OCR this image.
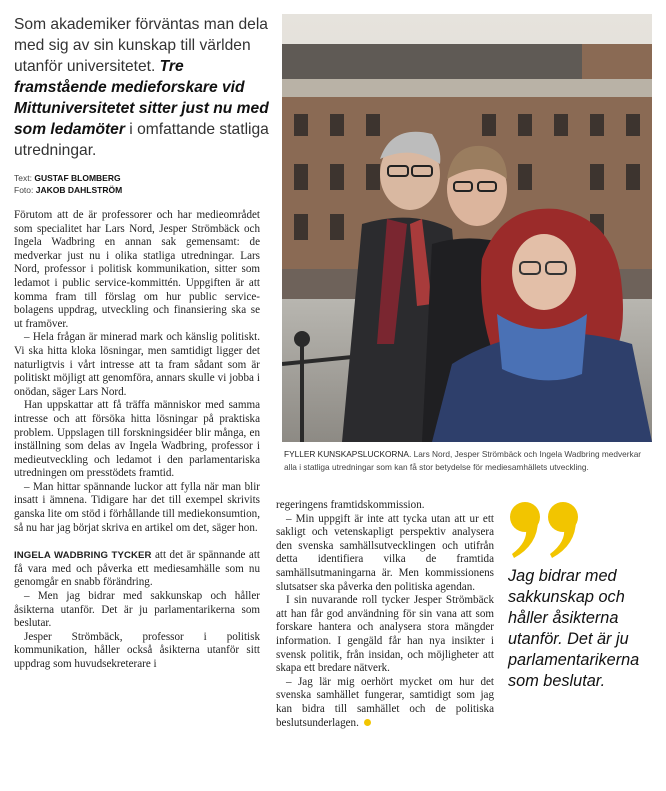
Som akademiker förväntas man dela med sig av sin kunskap till världen utanför universitetet. Tre framstående medieforskare vid Mittuniversitetet sitter just nu med som ledamöter i omfattande statliga utredningar.
Text: GUSTAF BLOMBERG
Foto: JAKOB DAHLSTRÖM

Förutom att de är professorer och har medieområdet som specialitet har Lars Nord, Jesper Strömbäck och Ingela Wadbring en annan sak gemensamt: de medverkar just nu i olika statliga utredningar. Lars Nord, professor i politisk kommunikation, sitter som ledamot i public service-kommittén. Uppgiften är att komma fram till förslag om hur public service-bolagens uppdrag, utveckling och finansiering ska se ut framöver.

– Hela frågan är minerad mark och känslig politiskt. Vi ska hitta kloka lösningar, men samtidigt ligger det naturligtvis i vårt intresse att ta fram sådant som är politiskt möjligt att genomföra, annars skulle vi jobba i onödan, säger Lars Nord.

Han uppskattar att få träffa människor med samma intresse och att försöka hitta lösningar på praktiska problem. Uppslagen till forskningsidéer blir många, en inställning som delas av Ingela Wadbring, professor i medieutveckling och ledamot i den parlamentariska utredningen om presstödets framtid.

– Man hittar spännande luckor att fylla när man blir insatt i ämnena. Tidigare har det till exempel skrivits ganska lite om stöd i förhållande till mediekonsumtion, så nu har jag börjat skriva en artikel om det, säger hon.

INGELA WADBRING TYCKER att det är spännande att få vara med och påverka ett mediesamhälle som nu genomgår en snabb förändring.

– Men jag bidrar med sakkunskap och håller åsikterna utanför. Det är ju parlamentarikerna som beslutar.

Jesper Strömbäck, professor i politisk kommunikation, håller också åsikterna utanför sitt uppdrag som huvudsekreterare i

FYLLER KUNSKAPSLUCKORNA. Lars Nord, Jesper Strömbäck och Ingela Wadbring medverkar alla i statliga utredningar som kan få stor betydelse för mediesamhällets utveckling.

regeringens framtidskommission.

– Min uppgift är inte att tycka utan att ur ett sakligt och vetenskapligt perspektiv analysera den svenska samhällsutvecklingen och utifrån detta identifiera vilka de framtida samhällsutmaningarna är. Men kommissionens slutsatser ska påverka den politiska agendan.

I sin nuvarande roll tycker Jesper Strömbäck att han får god användning för sin vana att som forskare hantera och analysera stora mängder information. I gengäld får han nya insikter i svensk politik, från insidan, och möjligheter att skapa ett bredare nätverk.

– Jag lär mig oerhört mycket om hur det svenska samhället fungerar, samtidigt som jag kan bidra till samhället och de politiska beslutsunderlagen.

Jag bidrar med sakkunskap och håller åsikterna utanför. Det är ju parlamentarikerna som beslutar.
